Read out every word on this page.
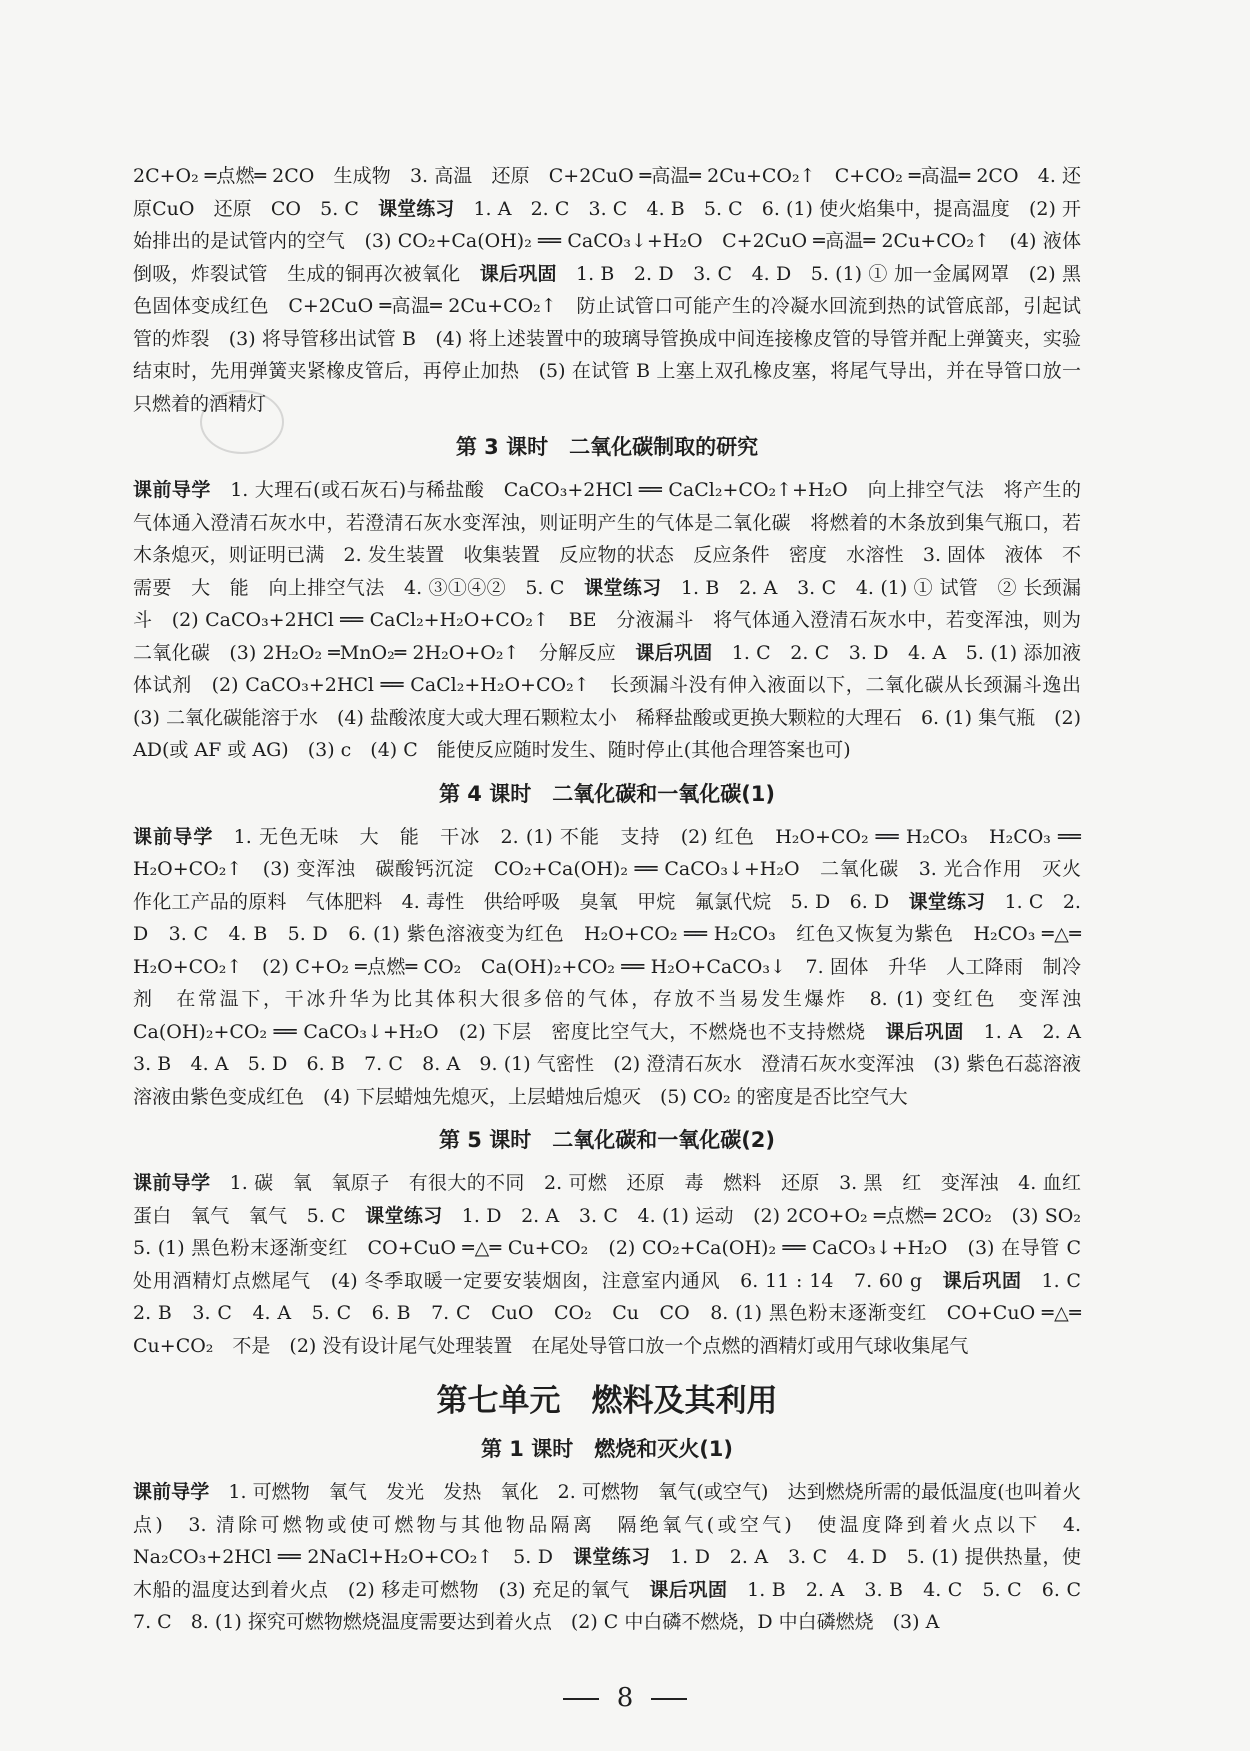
2C+O₂ ═点燃═ 2CO　生成物　3. 高温　还原　C+2CuO ═高温═ 2Cu+CO₂↑　C+CO₂ ═高温═ 2CO　4. 还原CuO　还原　CO　5. C　课堂练习　1. A　2. C　3. C　4. B　5. C　6. (1) 使火焰集中，提高温度　(2) 开始排出的是试管内的空气　(3) CO₂+Ca(OH)₂ ══ CaCO₃↓+H₂O　C+2CuO ═高温═ 2Cu+CO₂↑　(4) 液体倒吸，炸裂试管　生成的铜再次被氧化　课后巩固　1. B　2. D　3. C　4. D　5. (1) ① 加一金属网罩　(2) 黑色固体变成红色　C+2CuO ═高温═ 2Cu+CO₂↑　防止试管口可能产生的冷凝水回流到热的试管底部，引起试管的炸裂　(3) 将导管移出试管 B　(4) 将上述装置中的玻璃导管换成中间连接橡皮管的导管并配上弹簧夹，实验结束时，先用弹簧夹紧橡皮管后，再停止加热　(5) 在试管 B 上塞上双孔橡皮塞，将尾气导出，并在导管口放一只燃着的酒精灯

第 3 课时　二氧化碳制取的研究

课前导学　1. 大理石(或石灰石)与稀盐酸　CaCO₃+2HCl ══ CaCl₂+CO₂↑+H₂O　向上排空气法　将产生的气体通入澄清石灰水中，若澄清石灰水变浑浊，则证明产生的气体是二氧化碳　将燃着的木条放到集气瓶口，若木条熄灭，则证明已满　2. 发生装置　收集装置　反应物的状态　反应条件　密度　水溶性　3. 固体　液体　不需要　大　能　向上排空气法　4. ③①④②　5. C　课堂练习　1. B　2. A　3. C　4. (1) ① 试管　② 长颈漏斗　(2) CaCO₃+2HCl ══ CaCl₂+H₂O+CO₂↑　BE　分液漏斗　将气体通入澄清石灰水中，若变浑浊，则为二氧化碳　(3) 2H₂O₂ ═MnO₂═ 2H₂O+O₂↑　分解反应　课后巩固　1. C　2. C　3. D　4. A　5. (1) 添加液体试剂　(2) CaCO₃+2HCl ══ CaCl₂+H₂O+CO₂↑　长颈漏斗没有伸入液面以下，二氧化碳从长颈漏斗逸出　(3) 二氧化碳能溶于水　(4) 盐酸浓度大或大理石颗粒太小　稀释盐酸或更换大颗粒的大理石　6. (1) 集气瓶　(2) AD(或 AF 或 AG)　(3) c　(4) C　能使反应随时发生、随时停止(其他合理答案也可)

第 4 课时　二氧化碳和一氧化碳(1)

课前导学　1. 无色无味　大　能　干冰　2. (1) 不能　支持　(2) 红色　H₂O+CO₂ ══ H₂CO₃　H₂CO₃ ══ H₂O+CO₂↑　(3) 变浑浊　碳酸钙沉淀　CO₂+Ca(OH)₂ ══ CaCO₃↓+H₂O　二氧化碳　3. 光合作用　灭火　作化工产品的原料　气体肥料　4. 毒性　供给呼吸　臭氧　甲烷　氟氯代烷　5. D　6. D　课堂练习　1. C　2. D　3. C　4. B　5. D　6. (1) 紫色溶液变为红色　H₂O+CO₂ ══ H₂CO₃　红色又恢复为紫色　H₂CO₃ ═△═ H₂O+CO₂↑　(2) C+O₂ ═点燃═ CO₂　Ca(OH)₂+CO₂ ══ H₂O+CaCO₃↓　7. 固体　升华　人工降雨　制冷剂　在常温下，干冰升华为比其体积大很多倍的气体，存放不当易发生爆炸　8. (1) 变红色　变浑浊　Ca(OH)₂+CO₂ ══ CaCO₃↓+H₂O　(2) 下层　密度比空气大，不燃烧也不支持燃烧　课后巩固　1. A　2. A　3. B　4. A　5. D　6. B　7. C　8. A　9. (1) 气密性　(2) 澄清石灰水　澄清石灰水变浑浊　(3) 紫色石蕊溶液　溶液由紫色变成红色　(4) 下层蜡烛先熄灭，上层蜡烛后熄灭　(5) CO₂ 的密度是否比空气大

第 5 课时　二氧化碳和一氧化碳(2)

课前导学　1. 碳　氧　氧原子　有很大的不同　2. 可燃　还原　毒　燃料　还原　3. 黑　红　变浑浊　4. 血红蛋白　氧气　氧气　5. C　课堂练习　1. D　2. A　3. C　4. (1) 运动　(2) 2CO+O₂ ═点燃═ 2CO₂　(3) SO₂　5. (1) 黑色粉末逐渐变红　CO+CuO ═△═ Cu+CO₂　(2) CO₂+Ca(OH)₂ ══ CaCO₃↓+H₂O　(3) 在导管 C 处用酒精灯点燃尾气　(4) 冬季取暖一定要安装烟囱，注意室内通风　6. 11 : 14　7. 60 g　课后巩固　1. C　2. B　3. C　4. A　5. C　6. B　7. C　CuO　CO₂　Cu　CO　8. (1) 黑色粉末逐渐变红　CO+CuO ═△═ Cu+CO₂　不是　(2) 没有设计尾气处理装置　在尾处导管口放一个点燃的酒精灯或用气球收集尾气

第七单元　燃料及其利用
第 1 课时　燃烧和灭火(1)

课前导学　1. 可燃物　氧气　发光　发热　氧化　2. 可燃物　氧气(或空气)　达到燃烧所需的最低温度(也叫着火点)　3. 清除可燃物或使可燃物与其他物品隔离　隔绝氧气(或空气)　使温度降到着火点以下　4. Na₂CO₃+2HCl ══ 2NaCl+H₂O+CO₂↑　5. D　课堂练习　1. D　2. A　3. C　4. D　5. (1) 提供热量，使木船的温度达到着火点　(2) 移走可燃物　(3) 充足的氧气　课后巩固　1. B　2. A　3. B　4. C　5. C　6. C　7. C　8. (1) 探究可燃物燃烧温度需要达到着火点　(2) C 中白磷不燃烧，D 中白磷燃烧　(3) A

8
